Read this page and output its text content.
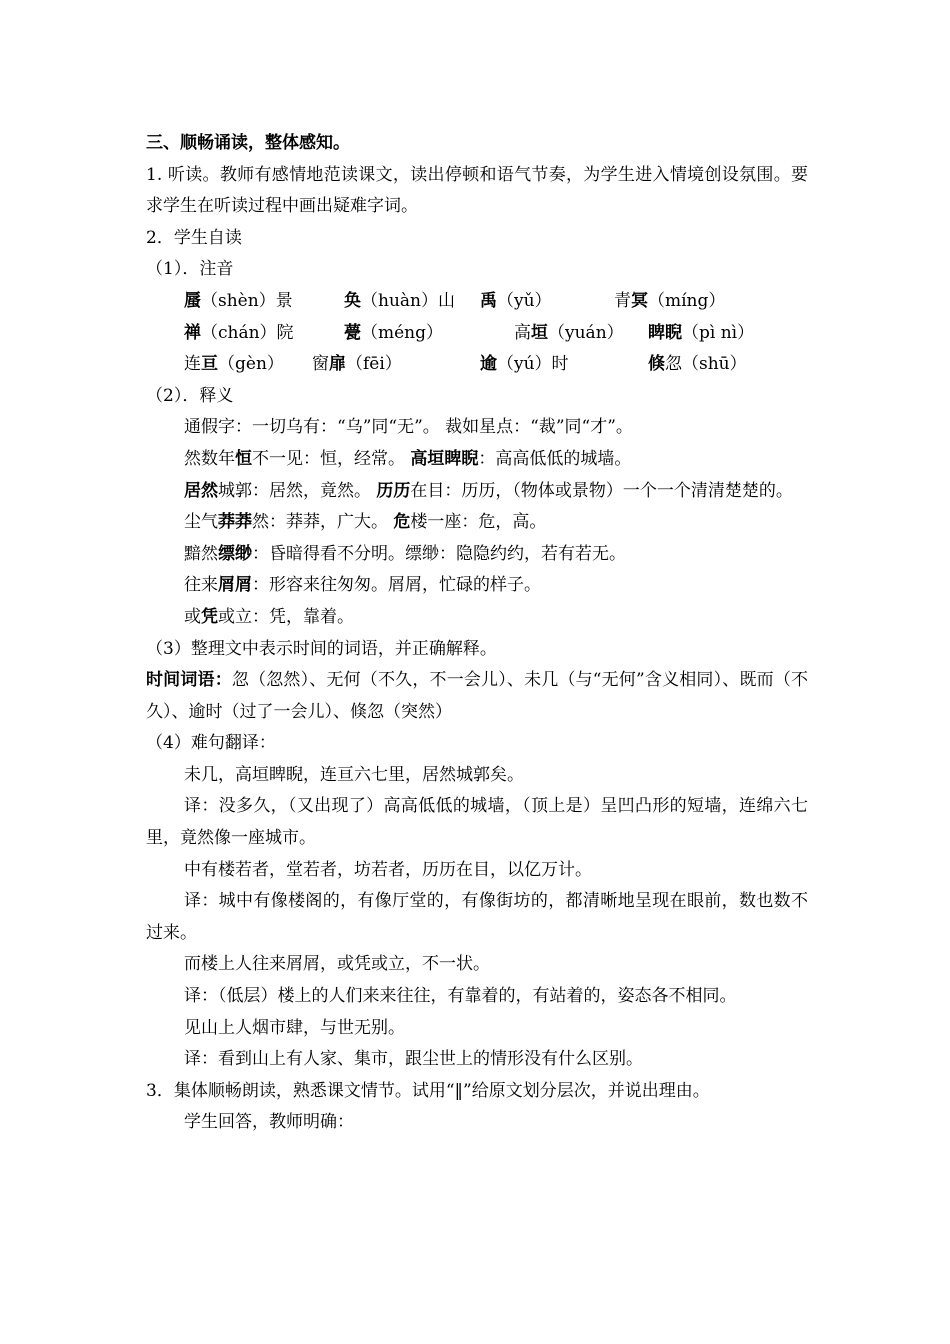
三、顺畅诵读，整体感知。
1. 听读。教师有感情地范读课文，读出停顿和语气节奏，为学生进入情境创设氛围。要求学生在听读过程中画出疑难字词。
2．学生自读
（1）．注音
蜃（shèn）景	奂（huàn）山 禹（yǔ）	青冥（míng）
禅（chán）院	甍（méng）	高垣（yuán） 睥睨（pì nì）
连亘（gèn） 窗扉（fēi）	逾（yú）时	倏忽（shū）
（2）．释义
通假字：一切乌有：“乌”同“无”。 裁如星点：“裁”同“才”。
然数年恒不一见：恒，经常。 高垣睥睨：高高低低的城墙。
居然城郭：居然，竟然。 历历在目：历历，（物体或景物）一个一个清清楚楚的。
尘气莽莽然：莽莽，广大。 危楼一座：危，高。
黯然缥缈：昏暗得看不分明。缥缈：隐隐约约，若有若无。
往来屑屑：形容来往匆匆。屑屑，忙碌的样子。
或凭或立：凭，靠着。
（3）整理文中表示时间的词语，并正确解释。
时间词语：忽（忽然）、无何（不久，不一会儿）、未几（与“无何”含义相同）、既而（不久）、逾时（过了一会儿）、倏忽（突然）
（4）难句翻译：
未几，高垣睥睨，连亘六七里，居然城郭矣。
译：没多久，（又出现了）高高低低的城墙，（顶上是）呈凹凸形的短墙，连绵六七里，竟然像一座城市。
中有楼若者，堂若者，坊若者，历历在目，以亿万计。
译：城中有像楼阁的，有像厅堂的，有像街坊的，都清晰地呈现在眼前，数也数不过来。
而楼上人往来屑屑，或凭或立，不一状。
译：（低层）楼上的人们来来往往，有靠着的，有站着的，姿态各不相同。
见山上人烟市肆，与世无别。
译：看到山上有人家、集市，跟尘世上的情形没有什么区别。
3．集体顺畅朗读，熟悉课文情节。试用“‖”给原文划分层次，并说出理由。
学生回答，教师明确：
